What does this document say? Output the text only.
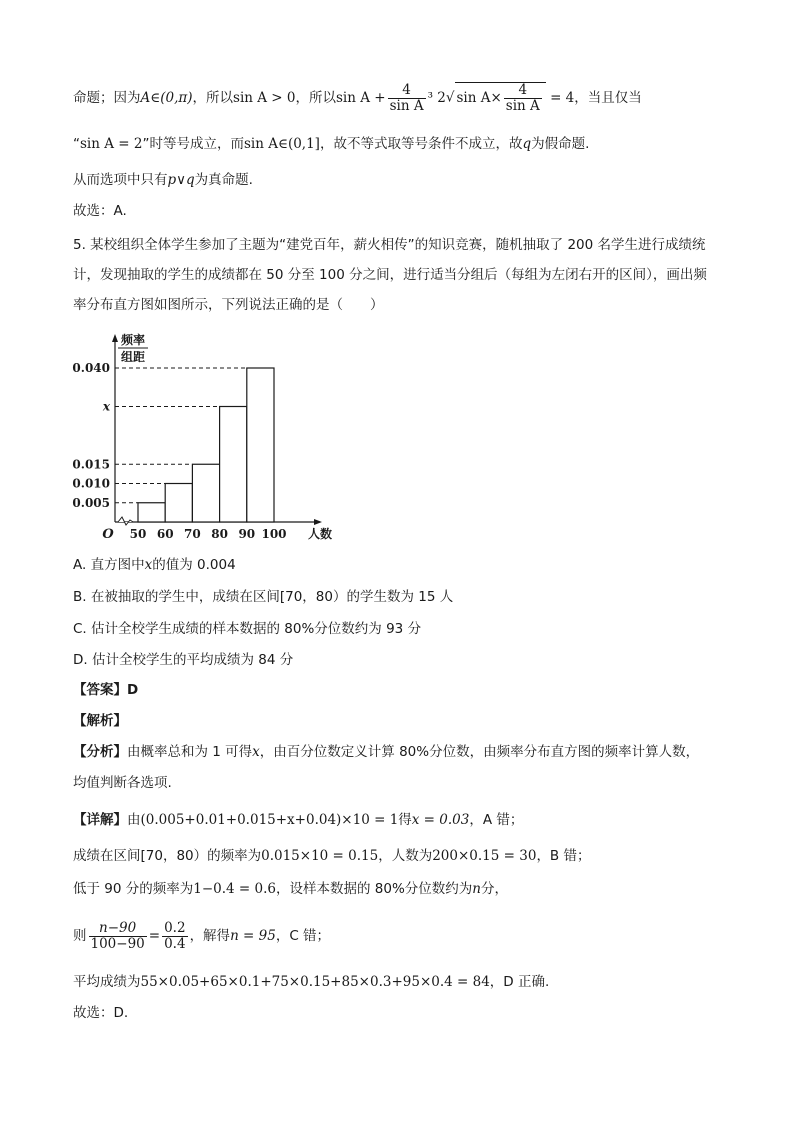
命题；因为A∈(0,π)，所以sin A > 0，所以$\sin A + \frac{4}{\text{sin A}} ^3$ 2√ $\sin A\times \frac{4}{\text{sin A}} = 4$，当且仅当
“sin A = 2”时等号成立，而sin A∈(0,1]，故不等式取等号条件不成立，故q为假命题.
从而选项中只有p∨q为真命题.
故选：A.
5. 某校组织全体学生参加了主题为“建党百年，薪火相传”的知识竞赛，随机抽取了 200 名学生进行成绩统
计，发现抽取的学生的成绩都在 50 分至 100 分之间，进行适当分组后（每组为左闭右开的区间），画出频
率分布直方图如图所示，下列说法正确的是（　　）
频率
组距
0.005
0.010
0.015
x
0.040
50 60 70 80 90 100 人数
O
A. 直方图中x的值为 0.004
B. 在被抽取的学生中，成绩在区间[70，80）的学生数为 15 人
C. 估计全校学生成绩的样本数据的 80%分位数约为 93 分
D. 估计全校学生的平均成绩为 84 分
【答案】D
【解析】
【分析】由概率总和为 1 可得x，由百分位数定义计算 80%分位数，由频率分布直方图的频率计算人数，
均值判断各选项.
【详解】由(0.005+0.01+0.015+x+0.04)×10 = 1得x = 0.03，A 错；
成绩在区间[70，80）的频率为0.015×10 = 0.15，人数为200×0.15 = 30，B 错；
低于 90 分的频率为1−0.4 = 0.6，设样本数据的 80%分位数约为n分，
则 $\frac{n-90}{100-90} = \frac{0.2}{0.4}$ ，解得n = 95，C 错；
平均成绩为55×0.05+65×0.1+75×0.15+85×0.3+95×0.4 = 84，D 正确.
故选：D.
